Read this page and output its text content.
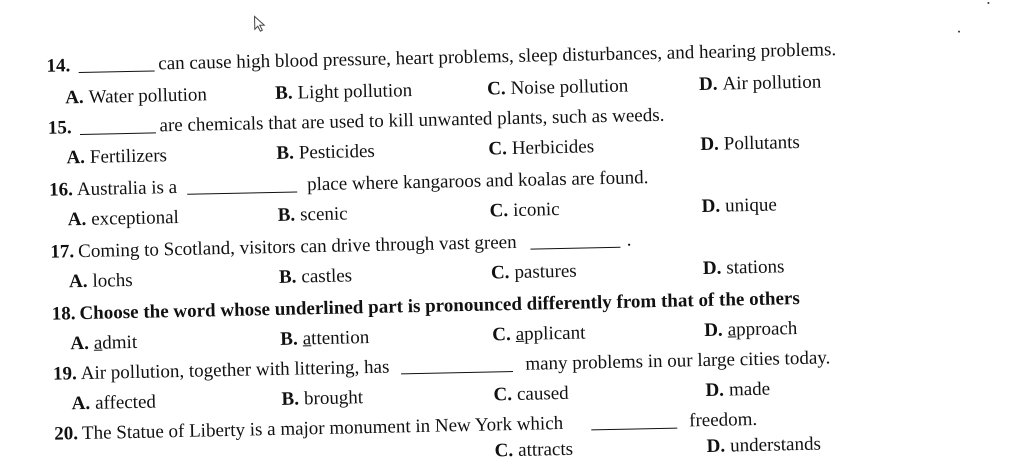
14.	can cause high blood pressure, heart problems, sleep disturbances, and hearing problems.
A. Water pollution	B. Light pollution	C. Noise pollution	D. Air pollution
15.	are chemicals that are used to kill unwanted plants, such as weeds.
A. Fertilizers	B. Pesticides	C. Herbicides	D. Pollutants
16. Australia is a	place where kangaroos and koalas are found.
A. exceptional	B. scenic	C. iconic	D. unique
17. Coming to Scotland, visitors can drive through vast green	.
A. lochs	B. castles	C. pastures	D. stations
18. Choose the word whose underlined part is pronounced differently from that of the others
A. admit	B. attention	C. applicant	D. approach
19. Air pollution, together with littering, has	many problems in our large cities today.
A. affected	B. brought	C. caused	D. made
20. The Statue of Liberty is a major monument in New York which	freedom.
C. attracts	D. understands
